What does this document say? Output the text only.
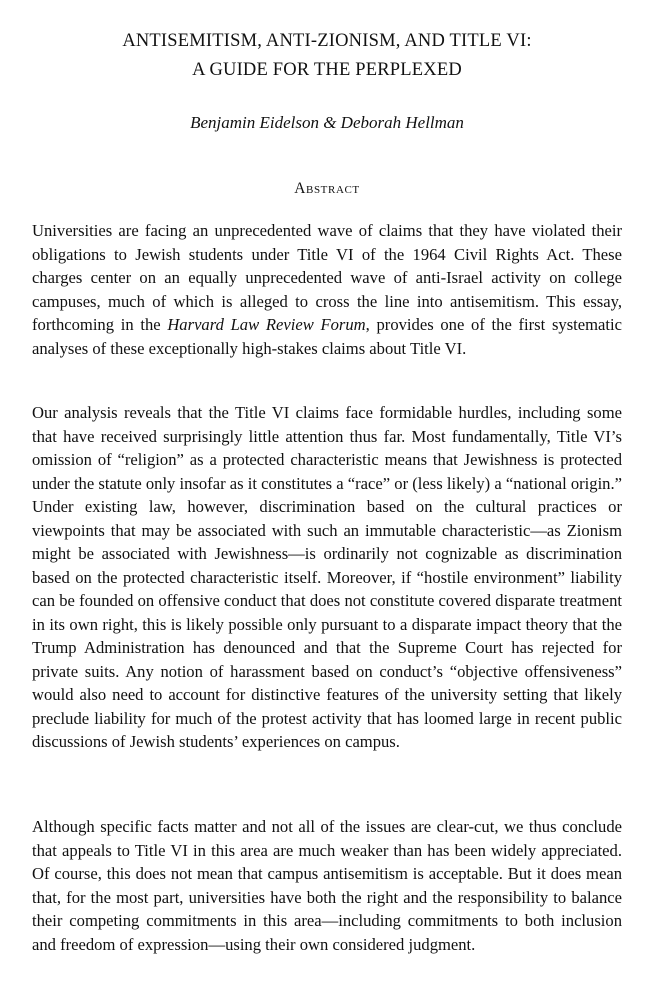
ANTISEMITISM, ANTI-ZIONISM, AND TITLE VI:
A GUIDE FOR THE PERPLEXED
Benjamin Eidelson & Deborah Hellman
Abstract
Universities are facing an unprecedented wave of claims that they have violated their obligations to Jewish students under Title VI of the 1964 Civil Rights Act. These charges center on an equally unprecedented wave of anti-Israel activity on college campuses, much of which is alleged to cross the line into antisemitism. This essay, forthcoming in the Harvard Law Review Forum, provides one of the first systematic analyses of these exceptionally high-stakes claims about Title VI.
Our analysis reveals that the Title VI claims face formidable hurdles, including some that have received surprisingly little attention thus far. Most fundamentally, Title VI’s omission of “religion” as a protected characteristic means that Jewishness is protected under the statute only insofar as it constitutes a “race” or (less likely) a “national origin.” Under existing law, however, discrimination based on the cultural practices or viewpoints that may be associated with such an immutable characteristic—as Zionism might be associated with Jewishness—is ordinarily not cognizable as discrimination based on the protected characteristic itself. Moreover, if “hostile environment” liability can be founded on offensive conduct that does not constitute covered disparate treatment in its own right, this is likely possible only pursuant to a disparate impact theory that the Trump Administration has denounced and that the Supreme Court has rejected for private suits. Any notion of harassment based on conduct’s “objective offensiveness” would also need to account for distinctive features of the university setting that likely preclude liability for much of the protest activity that has loomed large in recent public discussions of Jewish students’ experiences on campus.
Although specific facts matter and not all of the issues are clear-cut, we thus conclude that appeals to Title VI in this area are much weaker than has been widely appreciated. Of course, this does not mean that campus antisemitism is acceptable. But it does mean that, for the most part, universities have both the right and the responsibility to balance their competing commitments in this area—including commitments to both inclusion and freedom of expression—using their own considered judgment.
